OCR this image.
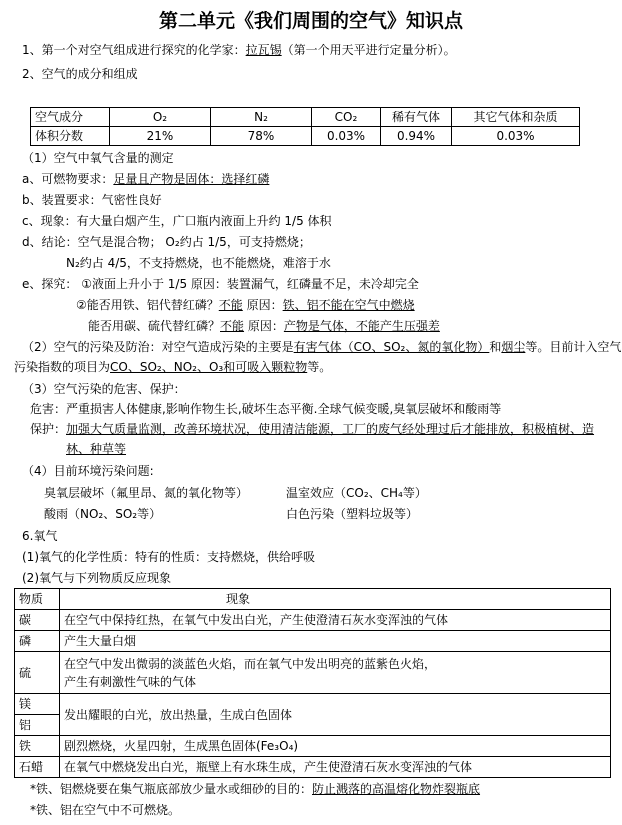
第二单元《我们周围的空气》知识点
1、第一个对空气组成进行探究的化学家：拉瓦锡（第一个用天平进行定量分析）。
2、空气的成分和组成
空气成分	O₂	N₂	CO₂	稀有气体	其它气体和杂质
体积分数	21%	78%	0.03%	0.94%	0.03%
（1）空气中氧气含量的测定
a、可燃物要求：足量且产物是固体：选择红磷
b、装置要求：气密性良好
c、现象：有大量白烟产生，广口瓶内液面上升约 1/5 体积
d、结论：空气是混合物； O₂约占 1/5，可支持燃烧；
N₂约占 4/5，不支持燃烧，也不能燃烧，难溶于水
e、探究： ①液面上升小于 1/5 原因：装置漏气，红磷量不足，未冷却完全
②能否用铁、铝代替红磷？不能 原因：铁、铝不能在空气中燃烧
能否用碳、硫代替红磷？不能 原因：产物是气体，不能产生压强差
（2）空气的污染及防治：对空气造成污染的主要是有害气体（CO、SO₂、氮的氧化物）和烟尘等。目前计入空气
污染指数的项目为CO、SO₂、NO₂、O₃和可吸入颗粒物等。
（3）空气污染的危害、保护：
危害：严重损害人体健康,影响作物生长,破坏生态平衡.全球气候变暖,臭氧层破坏和酸雨等
保护：加强大气质量监测，改善环境状况，使用清洁能源，工厂的废气经处理过后才能排放，积极植树、造
林、种草等
（4）目前环境污染问题:
臭氧层破坏（氟里昂、氮的氧化物等）	温室效应（CO₂、CH₄等）
酸雨（NO₂、SO₂等）	白色污染（塑料垃圾等）
6.氧气
(1)氧气的化学性质：特有的性质：支持燃烧，供给呼吸
(2)氧气与下列物质反应现象
物质	现象
碳	在空气中保持红热，在氧气中发出白光，产生使澄清石灰水变浑浊的气体
磷	产生大量白烟
硫	在空气中发出微弱的淡蓝色火焰，而在氧气中发出明亮的蓝紫色火焰，
产生有刺激性气味的气体

镁	发出耀眼的白光，放出热量，生成白色固体
铝	
铁	剧烈燃烧，火星四射，生成黑色固体(Fe₃O₄)
石蜡	在氧气中燃烧发出白光，瓶壁上有水珠生成，产生使澄清石灰水变浑浊的气体
*铁、铝燃烧要在集气瓶底部放少量水或细砂的目的：防止溅落的高温熔化物炸裂瓶底
*铁、铝在空气中不可燃烧。
